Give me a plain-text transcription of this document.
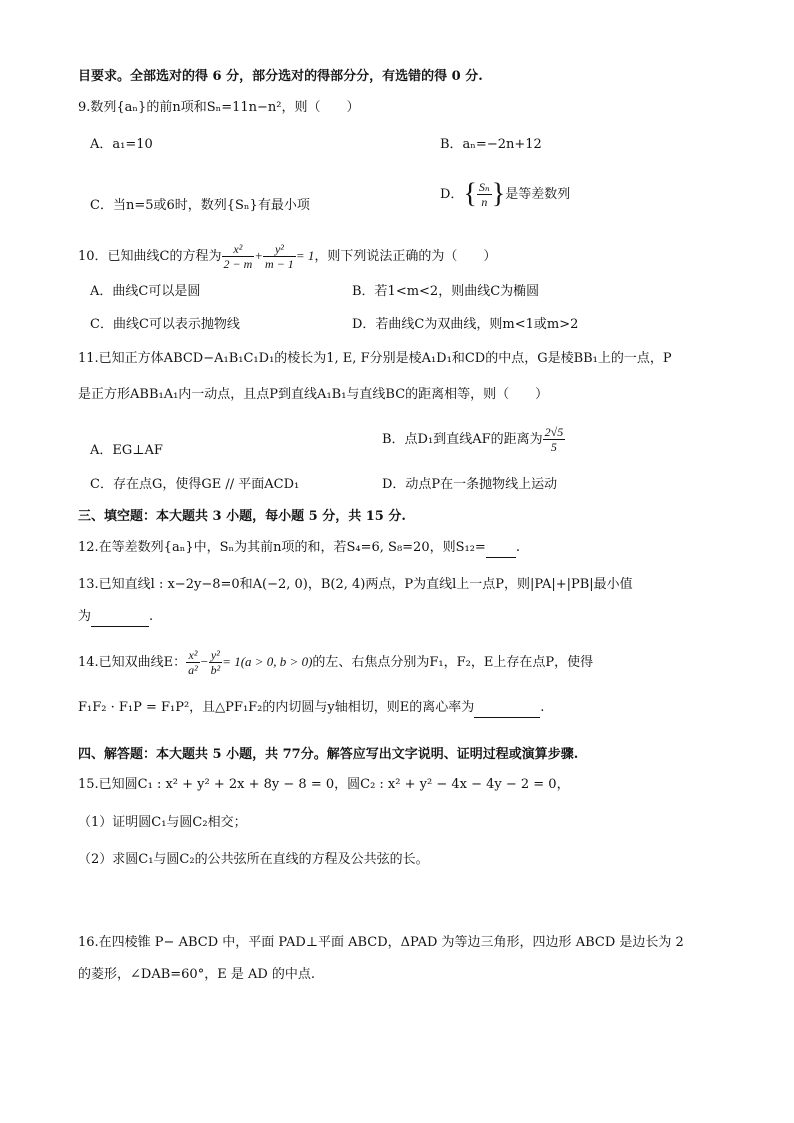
目要求。全部选对的得 6 分，部分选对的得部分分，有选错的得 0 分.
9.数列{aₙ}的前n项和Sₙ=11n−n²，则（　　）
A．a₁=10	B．aₙ=−2n+12
C．当n=5或6时，数列{Sₙ}有最小项
D．{ $\frac{\text{Sₙ}}{n}$ }是等差数列
10．已知曲线C的方程为 $\frac{\text{x²}}{2 - m} + \frac{\text{y²}}{m - 1} = 1$，则下列说法正确的为（　　）
A．曲线C可以是圆	B．若1<m<2，则曲线C为椭圆
C．曲线C可以表示抛物线	D．若曲线C为双曲线，则m<1或m>2
11.已知正方体ABCD−A₁B₁C₁D₁的棱长为1, E, F分别是棱A₁D₁和CD的中点，G是棱BB₁上的一点，P
是正方形ABB₁A₁内一动点，且点P到直线A₁B₁与直线BC的距离相等，则（　　）
A．EG⊥AF
B．点D₁到直线AF的距离为 $\frac{2√5}{5}$
C．存在点G，使得GE // 平面ACD₁	D．动点P在一条抛物线上运动
三、填空题：本大题共 3 小题，每小题 5 分，共 15 分.
12.在等差数列{aₙ}中，Sₙ为其前n项的和，若S₄=6, S₈=20，则S₁₂= .
13.已知直线l : x−2y−8=0和A(−2, 0)，B(2, 4)两点，P为直线l上一点P，则|PA|+|PB|最小值
为	.
14.已知双曲线E： $\frac{\text{x²}}{\text{a²}} - \frac{\text{y²}}{\text{b²}} = 1(a > 0$, b > 0)的左、右焦点分别为F₁，F₂，E上存在点P，使得
F₁F₂ · F₁P = F₁P²，且△PF₁F₂的内切圆与y轴相切，则E的离心率为	.
四、解答题：本大题共 5 小题，共 77分。解答应写出文字说明、证明过程或演算步骤.
15.已知圆C₁ : x² + y² + 2x + 8y − 8 = 0，圆C₂ : x² + y² − 4x − 4y − 2 = 0，
（1）证明圆C₁与圆C₂相交；
（2）求圆C₁与圆C₂的公共弦所在直线的方程及公共弦的长。
16.在四棱锥 P− ABCD 中，平面 PAD⊥平面 ABCD，ΔPAD 为等边三角形，四边形 ABCD 是边长为 2
的菱形，∠DAB=60°，E 是 AD 的中点.
